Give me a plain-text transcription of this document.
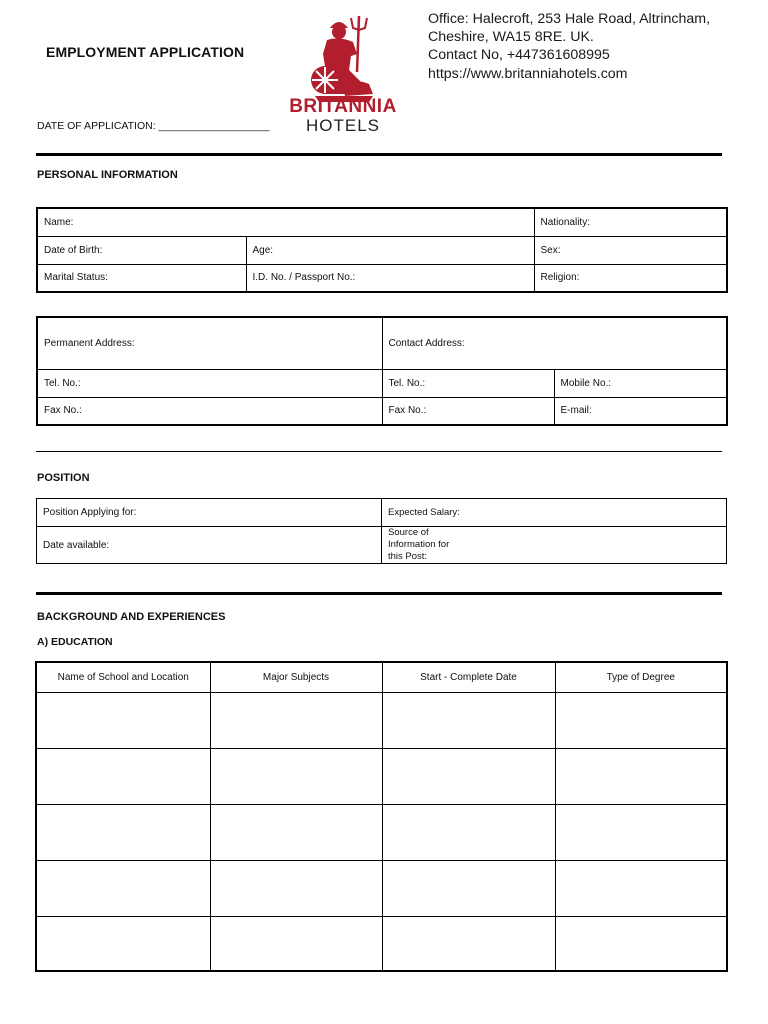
EMPLOYMENT APPLICATION
DATE OF APPLICATION: ___________________
BRITANNIA
HOTELS
Office: Halecroft, 253 Hale Road, Altrincham,
Cheshire, WA15 8RE. UK.
Contact No, +447361608995
https://www.britanniahotels.com
PERSONAL INFORMATION
Name:		Nationality:
Date of Birth:	Age:	Sex:
Marital Status:	I.D. No. / Passport No.:	Religion:
Permanent Address:	Contact Address:	
Tel. No.:	Tel. No.:	Mobile No.:
Fax No.:	Fax No.:	E-mail:
POSITION
Position Applying for:	Expected Salary:
Date available:	Source of Information for this Post:
BACKGROUND AND EXPERIENCES
A) EDUCATION
Name of School and Location	Major Subjects	Start - Complete Date	Type of Degree
